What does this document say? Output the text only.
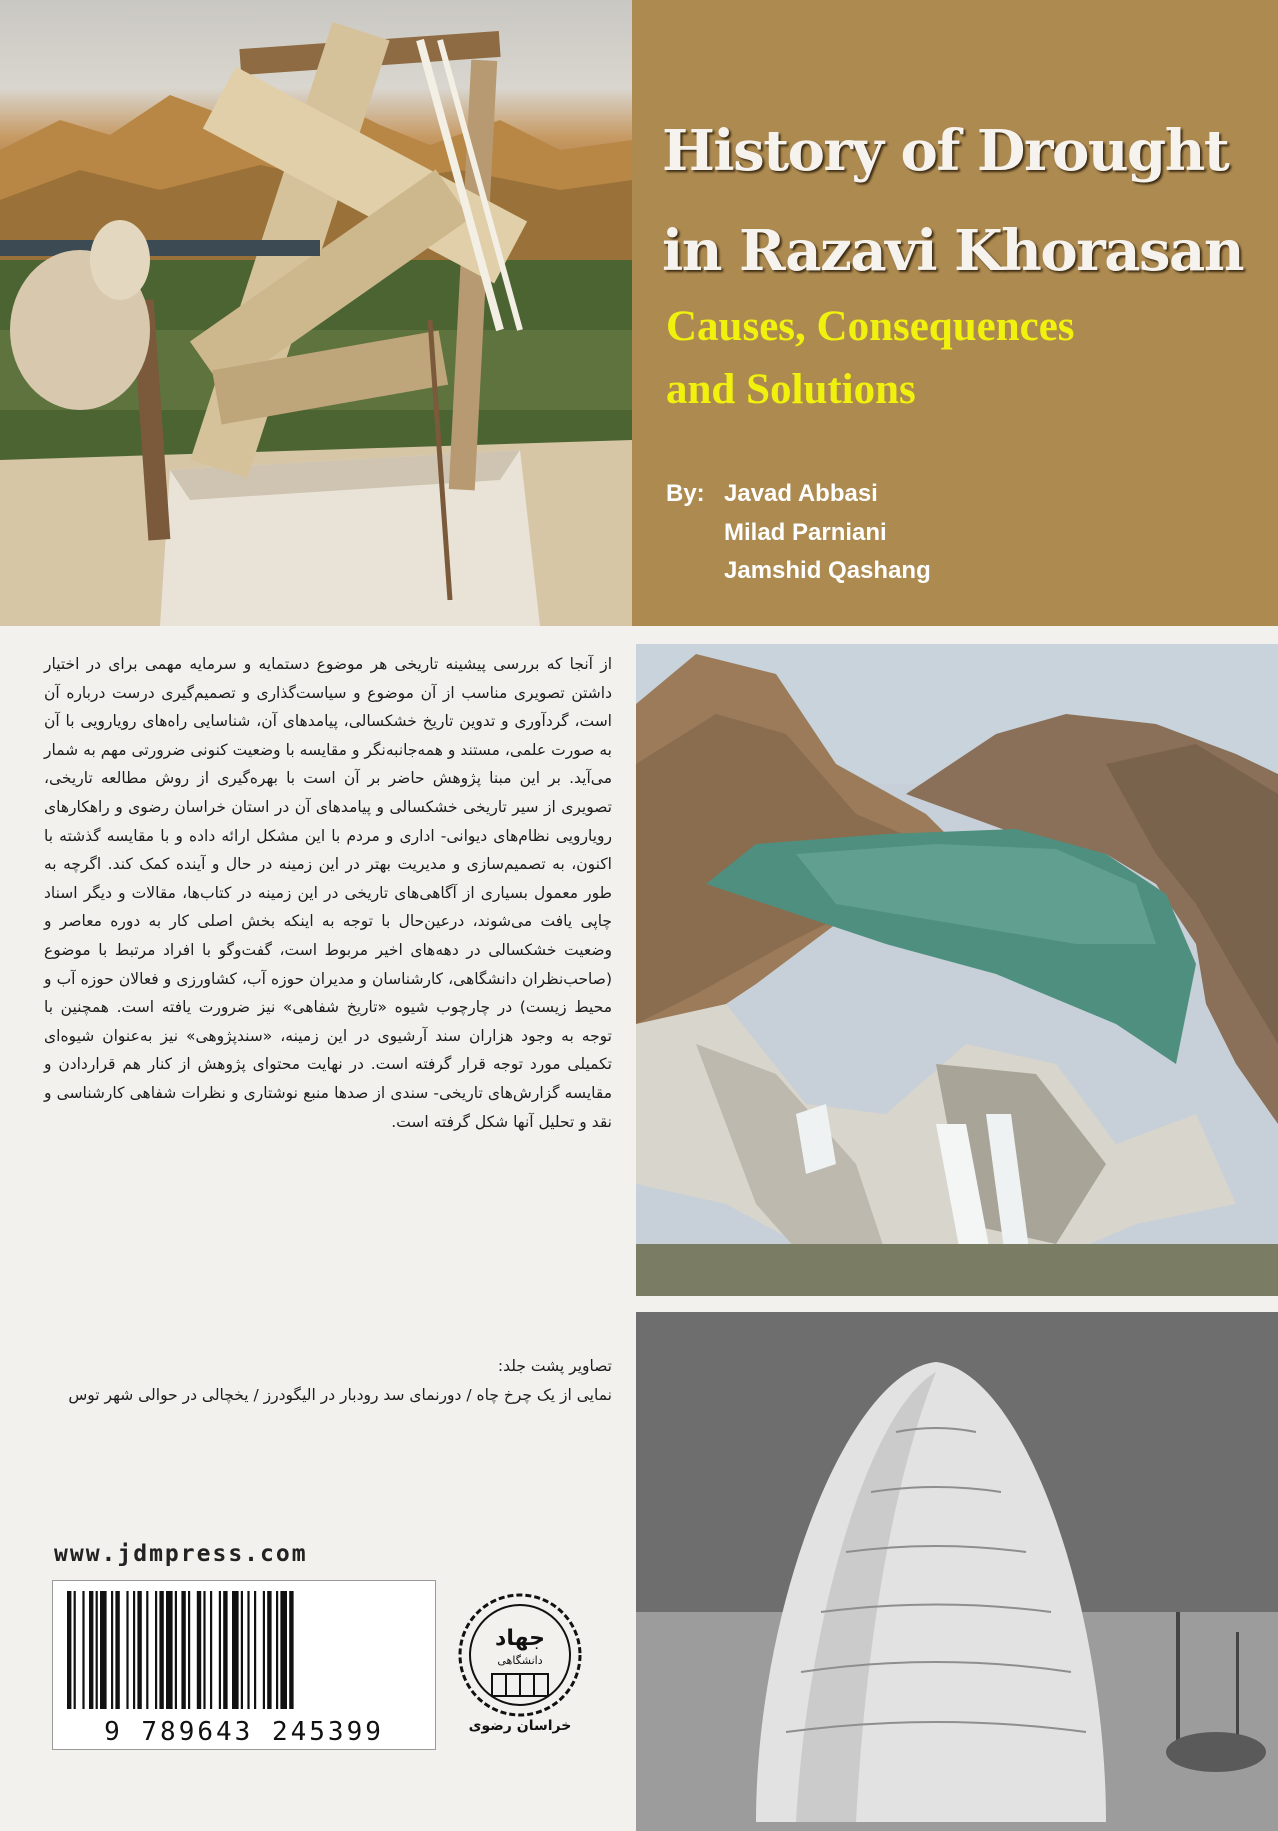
History of Drought
in Razavi Khorasan
Causes, Consequences
and Solutions
By: Javad Abbasi
Milad Parniani
Jamshid Qashang
از آنجا که بررسی پیشینه تاریخی هر موضوع دستمایه و سرمایه مهمی برای در اختیار داشتن تصویری مناسب از آن موضوع و سیاست‌گذاری و تصمیم‌گیری درست درباره آن است، گردآوری و تدوین تاریخ خشکسالی، پیامدهای آن، شناسایی راه‌های رویارویی با آن به صورت علمی، مستند و همه‌جانبه‌نگر و مقایسه با وضعیت کنونی ضرورتی مهم به شمار می‌آید. بر این مبنا پژوهش حاضر بر آن است با بهره‌گیری از روش مطالعه تاریخی، تصویری از سیر تاریخی خشکسالی و پیامدهای آن در استان خراسان رضوی و راهکارهای رویارویی نظام‌های دیوانی- اداری و مردم با این مشکل ارائه داده و با مقایسه گذشته با اکنون، به تصمیم‌سازی و مدیریت بهتر در این زمینه در حال و آینده کمک کند. اگرچه به طور معمول بسیاری از آگاهی‌های تاریخی در این زمینه در کتاب‌ها، مقالات و دیگر اسناد چاپی یافت می‌شوند، درعین‌حال با توجه به اینکه بخش اصلی کار به دوره معاصر و وضعیت خشکسالی در دهه‌های اخیر مربوط است، گفت‌وگو با افراد مرتبط با موضوع (صاحب‌نظران دانشگاهی، کارشناسان و مدیران حوزه آب، کشاورزی و فعالان حوزه آب و محیط زیست) در چارچوب شیوه «تاریخ شفاهی» نیز ضرورت یافته است. همچنین با توجه به وجود هزاران سند آرشیوی در این زمینه، «سندپژوهی» نیز به‌عنوان شیوه‌ای تکمیلی مورد توجه قرار گرفته است. در نهایت محتوای پژوهش از کنار هم قراردادن و مقایسه گزارش‌های تاریخی- سندی از صدها منبع نوشتاری و نظرات شفاهی کارشناسی و نقد و تحلیل آنها شکل گرفته است.
تصاویر پشت جلد:
نمایی از یک چرخ چاه / دورنمای سد رودبار در الیگودرز / یخچالی در حوالی شهر توس
www.jdmpress.com
9 789643 245399
جهاد
دانشگاهی
خراسان رضوی
